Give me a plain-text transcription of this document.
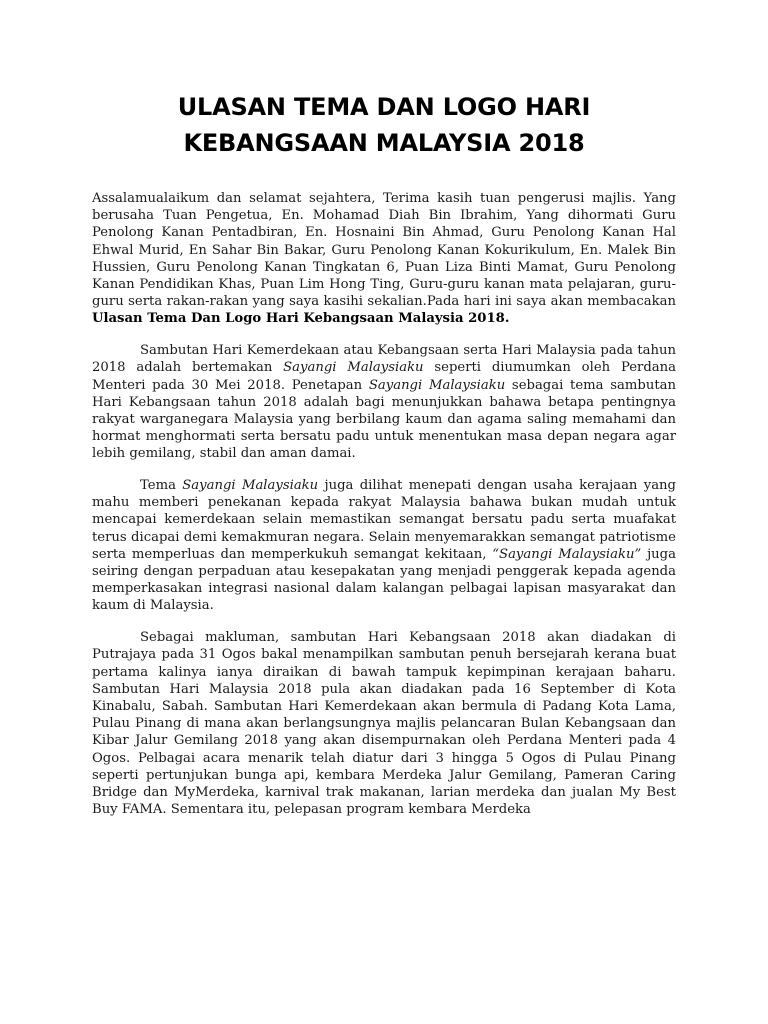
ULASAN TEMA DAN LOGO HARI
KEBANGSAAN MALAYSIA 2018

Assalamualaikum dan selamat sejahtera, Terima kasih tuan pengerusi majlis. Yang berusaha Tuan Pengetua, En. Mohamad Diah Bin Ibrahim, Yang dihormati Guru Penolong Kanan Pentadbiran, En. Hosnaini Bin Ahmad, Guru Penolong Kanan Hal Ehwal Murid, En Sahar Bin Bakar, Guru Penolong Kanan Kokurikulum, En. Malek Bin Hussien, Guru Penolong Kanan Tingkatan 6, Puan Liza Binti Mamat, Guru Penolong Kanan Pendidikan Khas, Puan Lim Hong Ting, Guru-guru kanan mata pelajaran, guru-guru serta rakan-rakan yang saya kasihi sekalian.Pada hari ini saya akan membacakan Ulasan Tema Dan Logo Hari Kebangsaan Malaysia 2018.

Sambutan Hari Kemerdekaan atau Kebangsaan serta Hari Malaysia pada tahun 2018 adalah bertemakan Sayangi Malaysiaku seperti diumumkan oleh Perdana Menteri pada 30 Mei 2018. Penetapan Sayangi Malaysiaku sebagai tema sambutan Hari Kebangsaan tahun 2018 adalah bagi menunjukkan bahawa betapa pentingnya rakyat warganegara Malaysia yang berbilang kaum dan agama saling memahami dan hormat menghormati serta bersatu padu untuk menentukan masa depan negara agar lebih gemilang, stabil dan aman damai.

Tema Sayangi Malaysiaku juga dilihat menepati dengan usaha kerajaan yang mahu memberi penekanan kepada rakyat Malaysia bahawa bukan mudah untuk mencapai kemerdekaan selain memastikan semangat bersatu padu serta muafakat terus dicapai demi kemakmuran negara. Selain menyemarakkan semangat patriotisme serta memperluas dan memperkukuh semangat kekitaan, “Sayangi Malaysiaku” juga seiring dengan perpaduan atau kesepakatan yang menjadi penggerak kepada agenda memperkasakan integrasi nasional dalam kalangan pelbagai lapisan masyarakat dan kaum di Malaysia.

Sebagai makluman, sambutan Hari Kebangsaan 2018 akan diadakan di Putrajaya pada 31 Ogos bakal menampilkan sambutan penuh bersejarah kerana buat pertama kalinya ianya diraikan di bawah tampuk kepimpinan kerajaan baharu. Sambutan Hari Malaysia 2018 pula akan diadakan pada 16 September di Kota Kinabalu, Sabah. Sambutan Hari Kemerdekaan akan bermula di Padang Kota Lama, Pulau Pinang di mana akan berlangsungnya majlis pelancaran Bulan Kebangsaan dan Kibar Jalur Gemilang 2018 yang akan disempurnakan oleh Perdana Menteri pada 4 Ogos. Pelbagai acara menarik telah diatur dari 3 hingga 5 Ogos di Pulau Pinang seperti pertunjukan bunga api, kembara Merdeka Jalur Gemilang, Pameran Caring Bridge dan MyMerdeka, karnival trak makanan, larian merdeka dan jualan My Best Buy FAMA. Sementara itu, pelepasan program kembara Merdeka
